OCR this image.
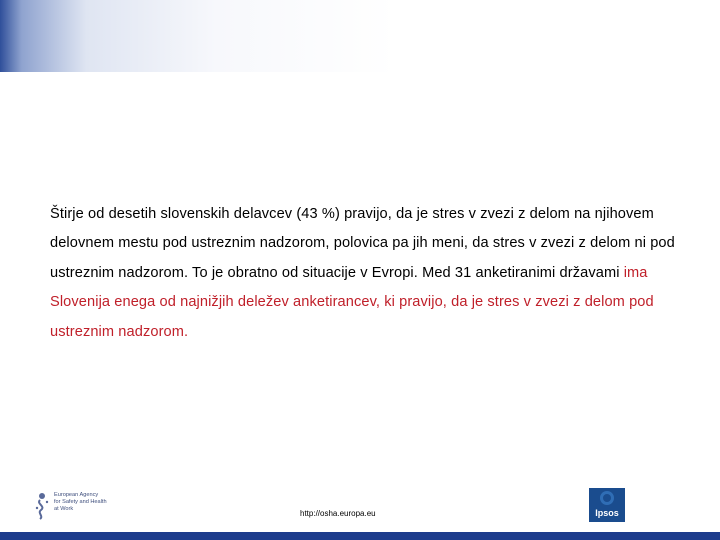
Štirje od desetih slovenskih delavcev (43 %) pravijo, da je stres v zvezi z delom na njihovem delovnem mestu pod ustreznim nadzorom, polovica pa jih meni, da stres v zvezi z delom ni pod ustreznim nadzorom. To je obratno od situacije v Evropi. Med 31 anketiranimi državami ima Slovenija enega od najnižjih deležev anketirancev, ki pravijo, da je stres v zvezi z delom pod ustreznim nadzorom.
European Agency
for Safety and Health
at Work	http://osha.europa.eu	Ipsos
